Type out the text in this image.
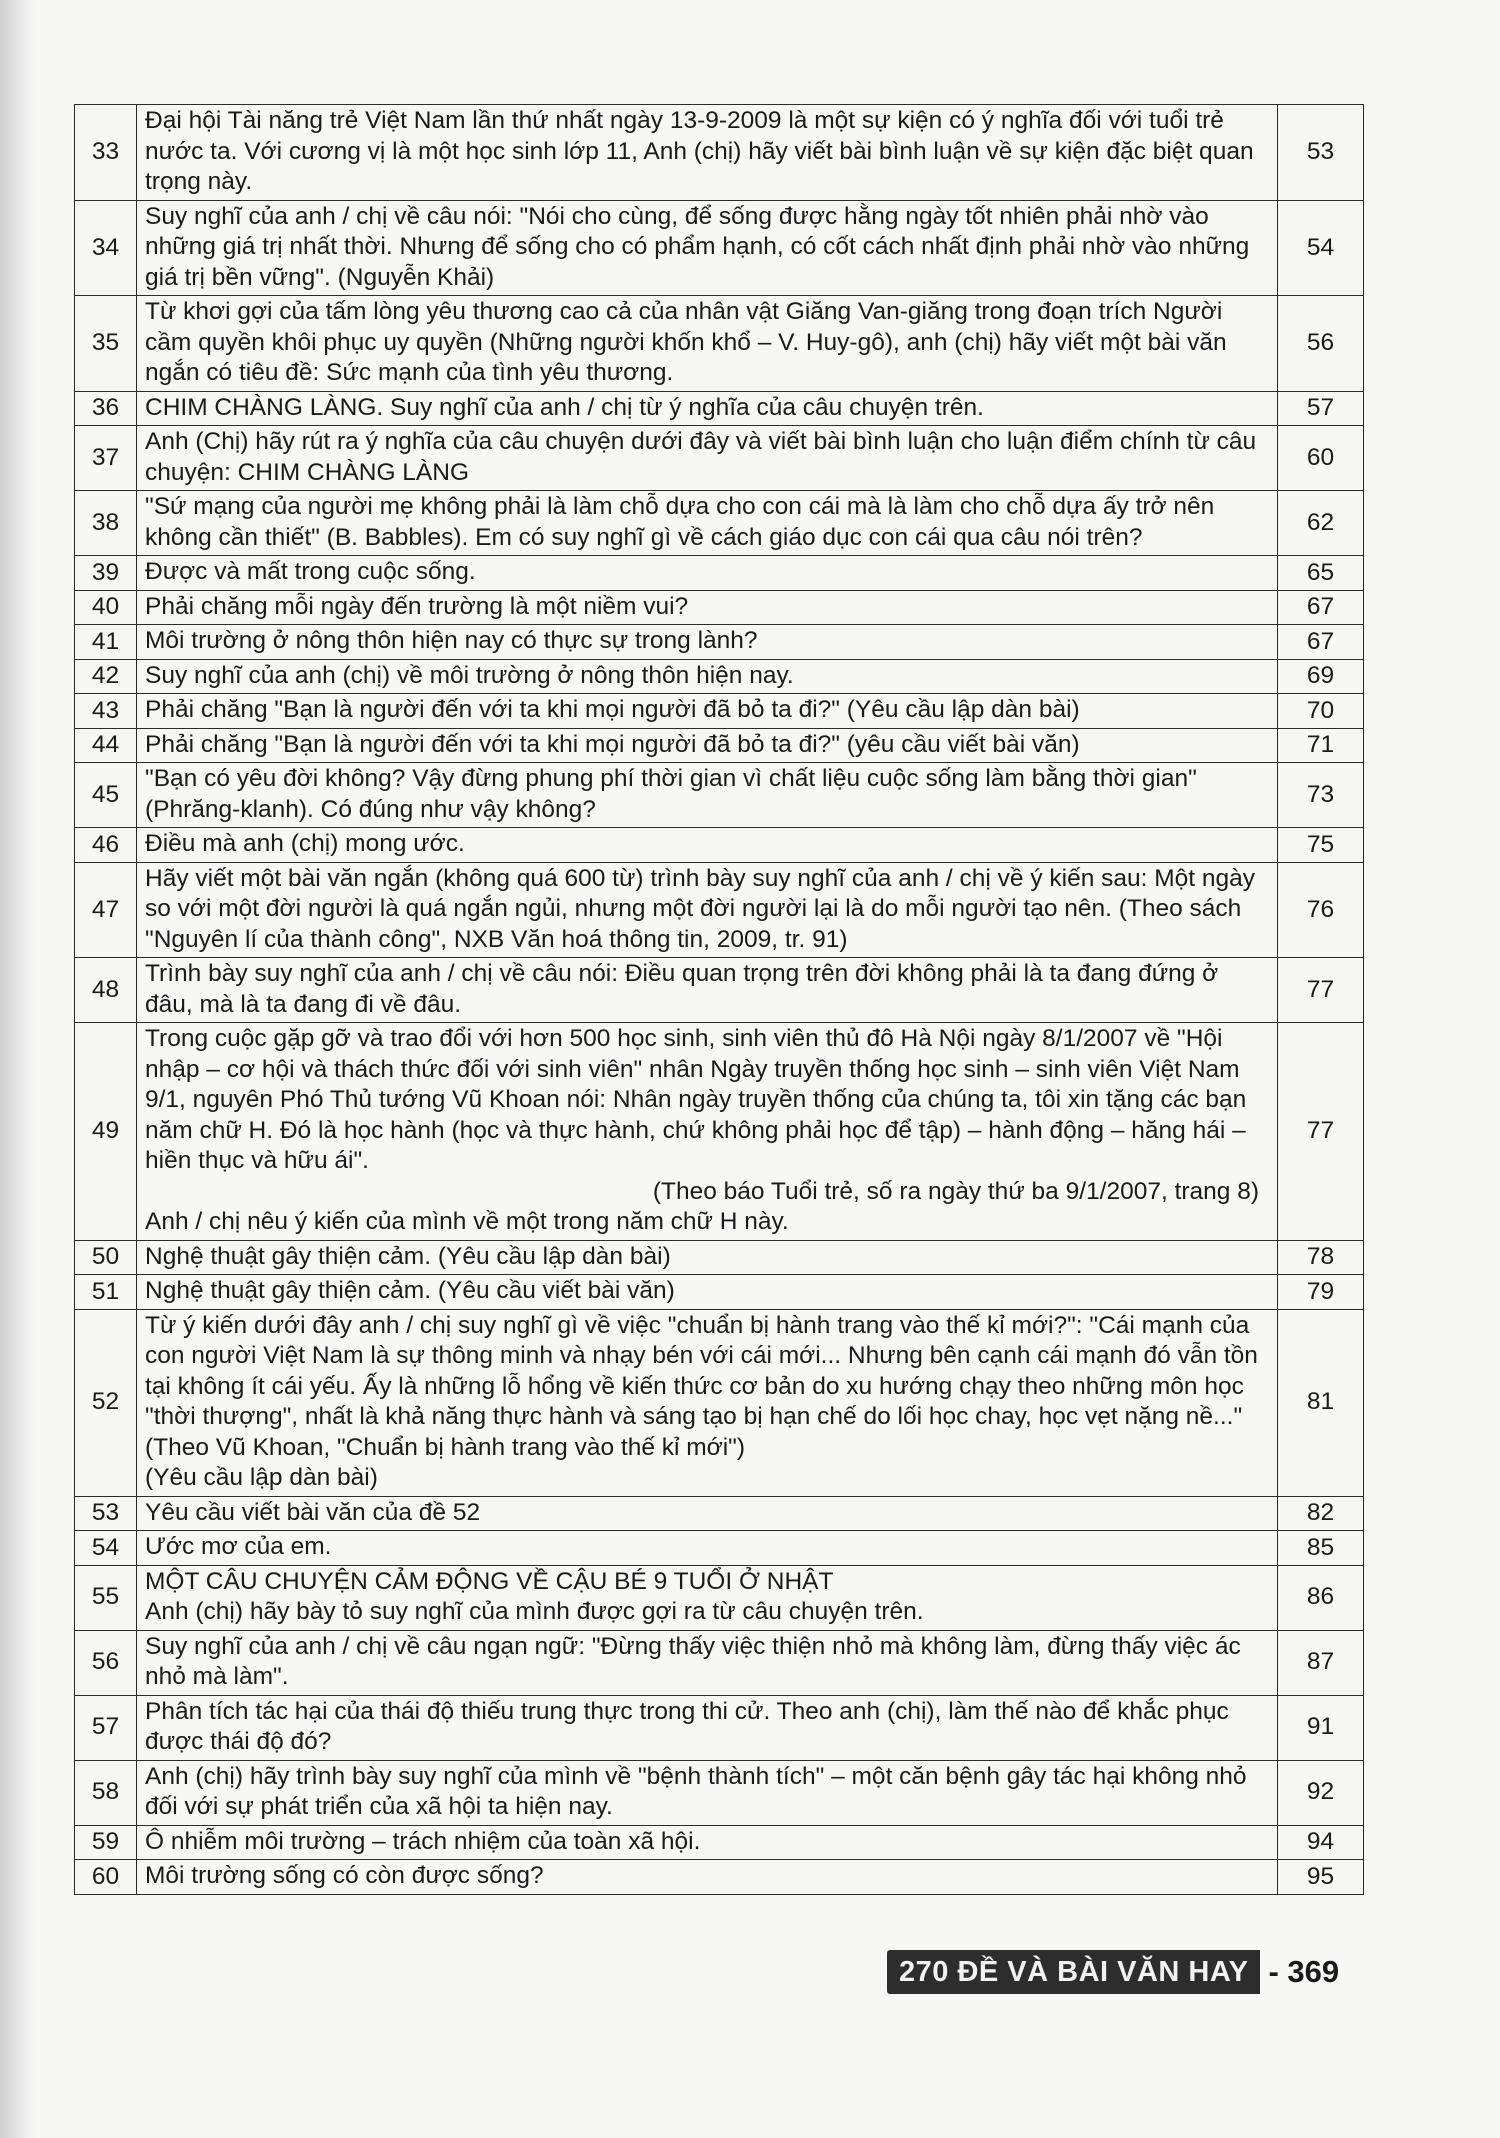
33	Đại hội Tài năng trẻ Việt Nam lần thứ nhất ngày 13-9-2009 là một sự kiện có ý nghĩa đối với tuổi trẻ nước ta. Với cương vị là một học sinh lớp 11, Anh (chị) hãy viết bài bình luận về sự kiện đặc biệt quan trọng này.	53
34	Suy nghĩ của anh / chị về câu nói: "Nói cho cùng, để sống được hằng ngày tốt nhiên phải nhờ vào những giá trị nhất thời. Nhưng để sống cho có phẩm hạnh, có cốt cách nhất định phải nhờ vào những giá trị bền vững". (Nguyễn Khải)	54
35	Từ khơi gợi của tấm lòng yêu thương cao cả của nhân vật Giăng Van-giăng trong đoạn trích Người cầm quyền khôi phục uy quyền (Những người khốn khổ – V. Huy-gô), anh (chị) hãy viết một bài văn ngắn có tiêu đề: Sức mạnh của tình yêu thương.	56
36	CHIM CHÀNG LÀNG. Suy nghĩ của anh / chị từ ý nghĩa của câu chuyện trên.	57
37	Anh (Chị) hãy rút ra ý nghĩa của câu chuyện dưới đây và viết bài bình luận cho luận điểm chính từ câu chuyện: CHIM CHÀNG LÀNG	60
38	"Sứ mạng của người mẹ không phải là làm chỗ dựa cho con cái mà là làm cho chỗ dựa ấy trở nên không cần thiết" (B. Babbles). Em có suy nghĩ gì về cách giáo dục con cái qua câu nói trên?	62
39	Được và mất trong cuộc sống.	65
40	Phải chăng mỗi ngày đến trường là một niềm vui?	67
41	Môi trường ở nông thôn hiện nay có thực sự trong lành?	67
42	Suy nghĩ của anh (chị) về môi trường ở nông thôn hiện nay.	69
43	Phải chăng "Bạn là người đến với ta khi mọi người đã bỏ ta đi?" (Yêu cầu lập dàn bài)	70
44	Phải chăng "Bạn là người đến với ta khi mọi người đã bỏ ta đi?" (yêu cầu viết bài văn)	71
45	"Bạn có yêu đời không? Vậy đừng phung phí thời gian vì chất liệu cuộc sống làm bằng thời gian" (Phrăng-klanh). Có đúng như vậy không?	73
46	Điều mà anh (chị) mong ước.	75
47	Hãy viết một bài văn ngắn (không quá 600 từ) trình bày suy nghĩ của anh / chị về ý kiến sau: Một ngày so với một đời người là quá ngắn ngủi, nhưng một đời người lại là do mỗi người tạo nên. (Theo sách "Nguyên lí của thành công", NXB Văn hoá thông tin, 2009, tr. 91)	76
48	Trình bày suy nghĩ của anh / chị về câu nói: Điều quan trọng trên đời không phải là ta đang đứng ở đâu, mà là ta đang đi về đâu.	77
49	Trong cuộc gặp gỡ và trao đổi với hơn 500 học sinh, sinh viên thủ đô Hà Nội ngày 8/1/2007 về "Hội nhập – cơ hội và thách thức đối với sinh viên" nhân Ngày truyền thống học sinh – sinh viên Việt Nam 9/1, nguyên Phó Thủ tướng Vũ Khoan nói: Nhân ngày truyền thống của chúng ta, tôi xin tặng các bạn năm chữ H. Đó là học hành (học và thực hành, chứ không phải học để tập) – hành động – hăng hái – hiền thục và hữu ái".

(Theo báo Tuổi trẻ, số ra ngày thứ ba 9/1/2007, trang 8)

Anh / chị nêu ý kiến của mình về một trong năm chữ H này.	77
50	Nghệ thuật gây thiện cảm. (Yêu cầu lập dàn bài)	78
51	Nghệ thuật gây thiện cảm. (Yêu cầu viết bài văn)	79
52	Từ ý kiến dưới đây anh / chị suy nghĩ gì về việc "chuẩn bị hành trang vào thế kỉ mới?": "Cái mạnh của con người Việt Nam là sự thông minh và nhạy bén với cái mới... Nhưng bên cạnh cái mạnh đó vẫn tồn tại không ít cái yếu. Ấy là những lỗ hổng về kiến thức cơ bản do xu hướng chạy theo những môn học "thời thượng", nhất là khả năng thực hành và sáng tạo bị hạn chế do lối học chay, học vẹt nặng nề..." (Theo Vũ Khoan, "Chuẩn bị hành trang vào thế kỉ mới")

(Yêu cầu lập dàn bài)	81
53	Yêu cầu viết bài văn của đề 52	82
54	Ước mơ của em.	85
55	MỘT CÂU CHUYỆN CẢM ĐỘNG VỀ CẬU BÉ 9 TUỔI Ở NHẬT

Anh (chị) hãy bày tỏ suy nghĩ của mình được gợi ra từ câu chuyện trên.	86
56	Suy nghĩ của anh / chị về câu ngạn ngữ: "Đừng thấy việc thiện nhỏ mà không làm, đừng thấy việc ác nhỏ mà làm".	87
57	Phân tích tác hại của thái độ thiếu trung thực trong thi cử. Theo anh (chị), làm thế nào để khắc phục được thái độ đó?	91
58	Anh (chị) hãy trình bày suy nghĩ của mình về "bệnh thành tích" – một căn bệnh gây tác hại không nhỏ đối với sự phát triển của xã hội ta hiện nay.	92
59	Ô nhiễm môi trường – trách nhiệm của toàn xã hội.	94
60	Môi trường sống có còn được sống?	95
270 ĐỀ VÀ BÀI VĂN HAY - 369
